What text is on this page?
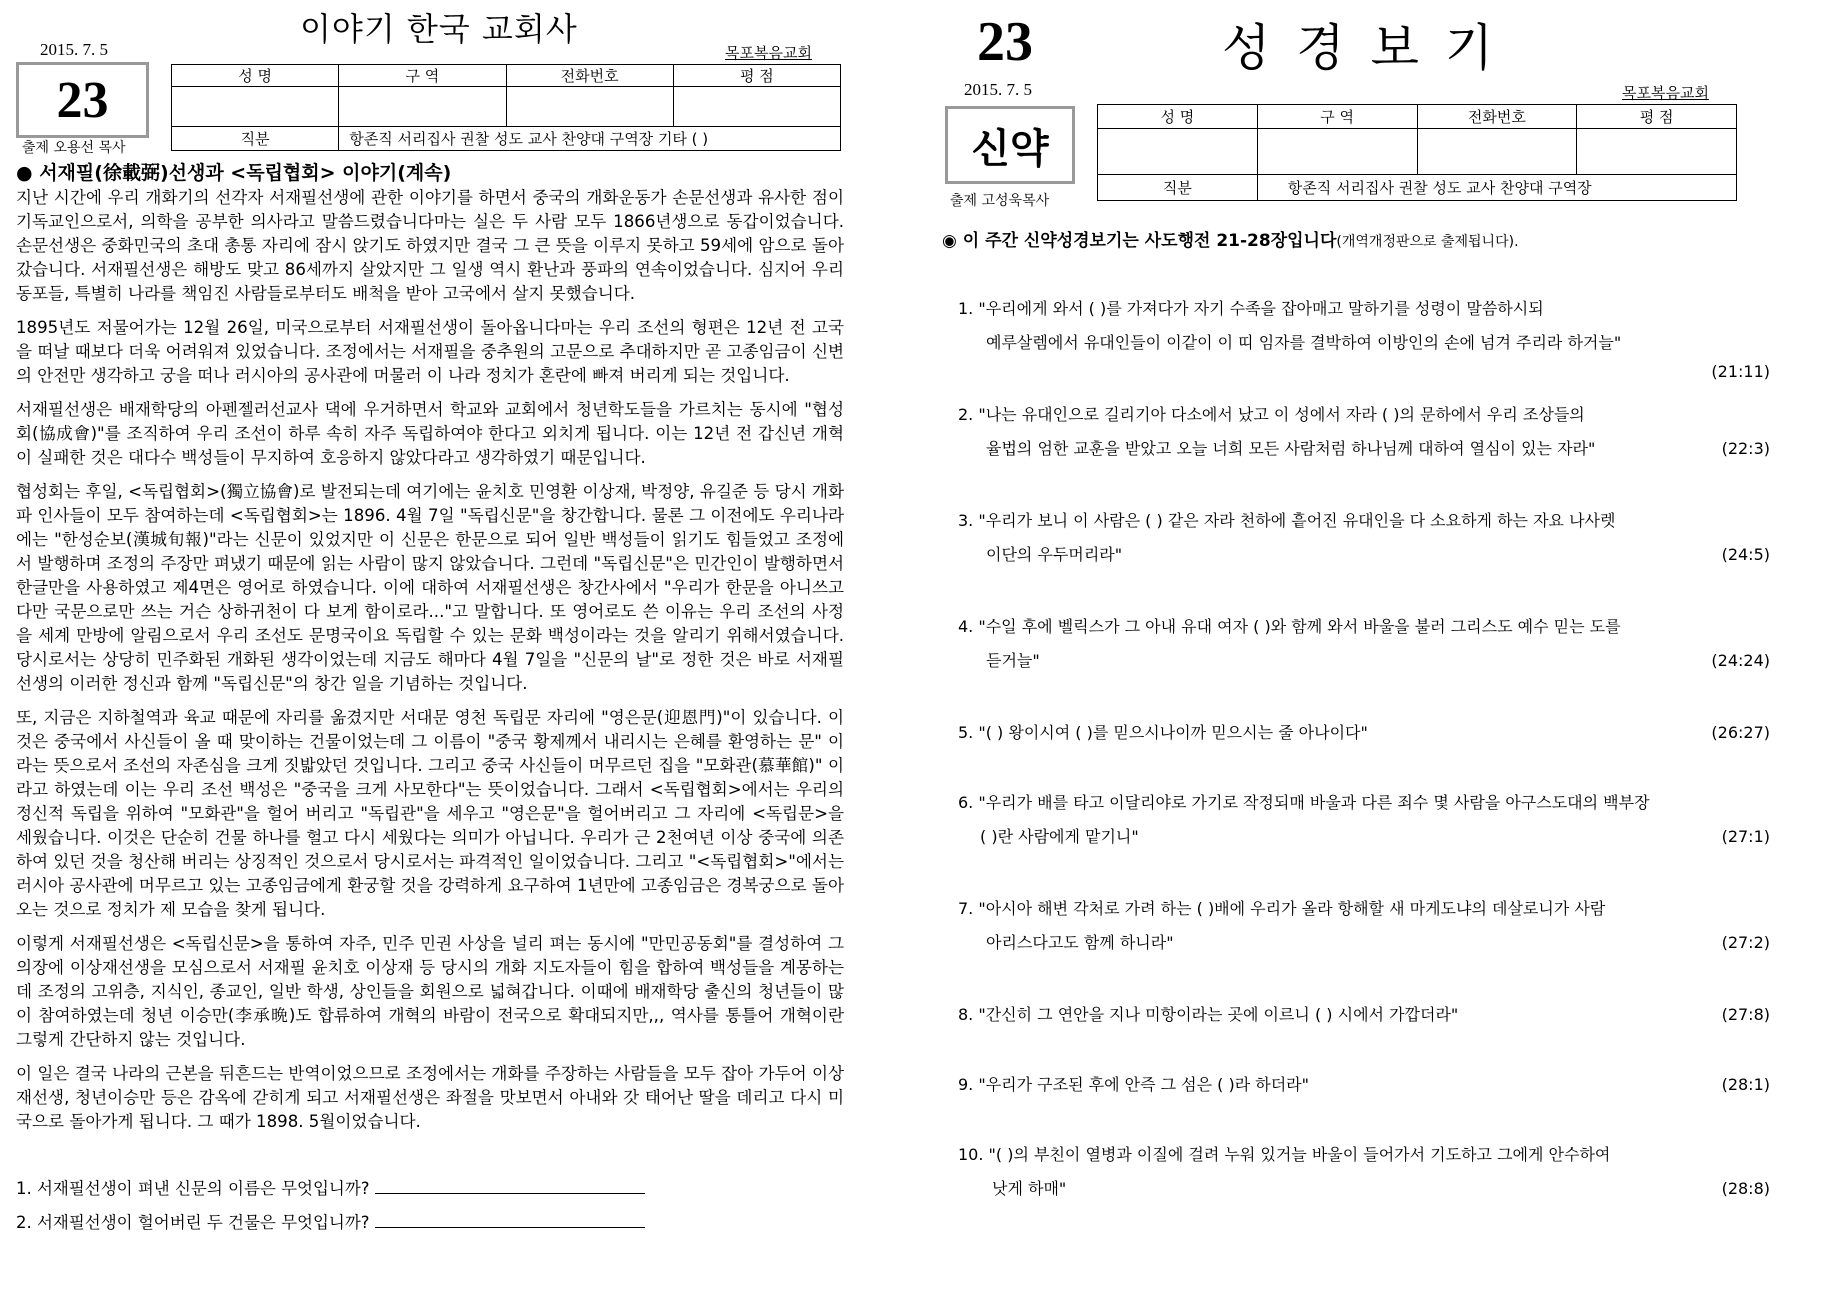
이야기 한국 교회사
2015. 7. 5	목포복음교회
23
출제 오용선 목사
성 명	구 역	전화번호	평 점

직분	항존직 서리집사 권찰 성도 교사 찬양대 구역장 기타 ( )		
● 서재필(徐載弼)선생과 <독립협회> 이야기(계속)

지난 시간에 우리 개화기의 선각자 서재필선생에 관한 이야기를 하면서 중국의 개화운동가 손문선생과 유사한 점이 기독교인으로서, 의학을 공부한 의사라고 말씀드렸습니다마는 실은 두 사람 모두 1866년생으로 동갑이었습니다. 손문선생은 중화민국의 초대 총통 자리에 잠시 앉기도 하였지만 결국 그 큰 뜻을 이루지 못하고 59세에 암으로 돌아갔습니다. 서재필선생은 해방도 맞고 86세까지 살았지만 그 일생 역시 환난과 풍파의 연속이었습니다. 심지어 우리 동포들, 특별히 나라를 책임진 사람들로부터도 배척을 받아 고국에서 살지 못했습니다.

1895년도 저물어가는 12월 26일, 미국으로부터 서재필선생이 돌아옵니다마는 우리 조선의 형편은 12년 전 고국을 떠날 때보다 더욱 어려워져 있었습니다. 조정에서는 서재필을 중추원의 고문으로 추대하지만 곧 고종임금이 신변의 안전만 생각하고 궁을 떠나 러시아의 공사관에 머물러 이 나라 정치가 혼란에 빠져 버리게 되는 것입니다.

서재필선생은 배재학당의 아펜젤러선교사 댁에 우거하면서 학교와 교회에서 청년학도들을 가르치는 동시에 "협성회(協成會)"를 조직하여 우리 조선이 하루 속히 자주 독립하여야 한다고 외치게 됩니다. 이는 12년 전 갑신년 개혁이 실패한 것은 대다수 백성들이 무지하여 호응하지 않았다라고 생각하였기 때문입니다.

협성회는 후일, <독립협회>(獨立協會)로 발전되는데 여기에는 윤치호 민영환 이상재, 박정양, 유길준 등 당시 개화파 인사들이 모두 참여하는데 <독립협회>는 1896. 4월 7일 "독립신문"을 창간합니다. 물론 그 이전에도 우리나라에는 "한성순보(漢城旬報)"라는 신문이 있었지만 이 신문은 한문으로 되어 일반 백성들이 읽기도 힘들었고 조정에서 발행하며 조정의 주장만 펴냈기 때문에 읽는 사람이 많지 않았습니다. 그런데 "독립신문"은 민간인이 발행하면서 한글만을 사용하였고 제4면은 영어로 하였습니다. 이에 대하여 서재필선생은 창간사에서 "우리가 한문을 아니쓰고 다만 국문으로만 쓰는 거슨 상하귀천이 다 보게 함이로라..."고 말합니다. 또 영어로도 쓴 이유는 우리 조선의 사정을 세계 만방에 알림으로서 우리 조선도 문명국이요 독립할 수 있는 문화 백성이라는 것을 알리기 위해서였습니다. 당시로서는 상당히 민주화된 개화된 생각이었는데 지금도 해마다 4월 7일을 "신문의 날"로 정한 것은 바로 서재필 선생의 이러한 정신과 함께 "독립신문"의 창간 일을 기념하는 것입니다.

또, 지금은 지하철역과 육교 때문에 자리를 옮겼지만 서대문 영천 독립문 자리에 "영은문(迎恩門)"이 있습니다. 이것은 중국에서 사신들이 올 때 맞이하는 건물이었는데 그 이름이 "중국 황제께서 내리시는 은혜를 환영하는 문" 이라는 뜻으로서 조선의 자존심을 크게 짓밟았던 것입니다. 그리고 중국 사신들이 머무르던 집을 "모화관(慕華館)" 이라고 하였는데 이는 우리 조선 백성은 "중국을 크게 사모한다"는 뜻이었습니다. 그래서 <독립협회>에서는 우리의 정신적 독립을 위하여 "모화관"을 헐어 버리고 "독립관"을 세우고 "영은문"을 헐어버리고 그 자리에 <독립문>을 세웠습니다. 이것은 단순히 건물 하나를 헐고 다시 세웠다는 의미가 아닙니다. 우리가 근 2천여년 이상 중국에 의존하여 있던 것을 청산해 버리는 상징적인 것으로서 당시로서는 파격적인 일이었습니다. 그리고 "<독립협회>"에서는 러시아 공사관에 머무르고 있는 고종임금에게 환궁할 것을 강력하게 요구하여 1년만에 고종임금은 경복궁으로 돌아오는 것으로 정치가 제 모습을 찾게 됩니다.

이렇게 서재필선생은 <독립신문>을 통하여 자주, 민주 민권 사상을 널리 펴는 동시에 "만민공동회"를 결성하여 그 의장에 이상재선생을 모심으로서 서재필 윤치호 이상재 등 당시의 개화 지도자들이 힘을 합하여 백성들을 계몽하는데 조정의 고위층, 지식인, 종교인, 일반 학생, 상인들을 회원으로 넓혀갑니다. 이때에 배재학당 출신의 청년들이 많이 참여하였는데 청년 이승만(李承晩)도 합류하여 개혁의 바람이 전국으로 확대되지만,,, 역사를 통틀어 개혁이란 그렇게 간단하지 않는 것입니다.

이 일은 결국 나라의 근본을 뒤흔드는 반역이었으므로 조정에서는 개화를 주장하는 사람들을 모두 잡아 가두어 이상재선생, 청년이승만 등은 감옥에 갇히게 되고 서재필선생은 좌절을 맛보면서 아내와 갓 태어난 딸을 데리고 다시 미국으로 돌아가게 됩니다. 그 때가 1898. 5월이었습니다.

1. 서재필선생이 펴낸 신문의 이름은 무엇입니까?
2. 서재필선생이 헐어버린 두 건물은 무엇입니까?
23	성경보기
2015. 7. 5	목포복음교회
신약
출제 고성욱목사
성 명	구 역	전화번호	평 점

직분	항존직 서리집사 권찰 성도 교사 찬양대 구역장		
◉ 이 주간 신약성경보기는 사도행전 21-28장입니다(개역개정판으로 출제됩니다).
1. "우리에게 와서 ( )를 가져다가 자기 수족을 잡아매고 말하기를 성령이 말씀하시되
예루살렘에서 유대인들이 이같이 이 띠 임자를 결박하여 이방인의 손에 넘겨 주리라 하거늘"
(21:11)
2. "나는 유대인으로 길리기아 다소에서 났고 이 성에서 자라 ( )의 문하에서 우리 조상들의
율법의 엄한 교훈을 받았고 오늘 너희 모든 사람처럼 하나님께 대하여 열심이 있는 자라"	(22:3)
3. "우리가 보니 이 사람은 ( ) 같은 자라 천하에 흩어진 유대인을 다 소요하게 하는 자요 나사렛
이단의 우두머리라"	(24:5)
4. "수일 후에 벨릭스가 그 아내 유대 여자 ( )와 함께 와서 바울을 불러 그리스도 예수 믿는 도를
듣거늘"	(24:24)
5. "( ) 왕이시여 ( )를 믿으시나이까 믿으시는 줄 아나이다"	(26:27)
6. "우리가 배를 타고 이달리야로 가기로 작정되매 바울과 다른 죄수 몇 사람을 아구스도대의 백부장
( )란 사람에게 맡기니"	(27:1)
7. "아시아 해변 각처로 가려 하는 ( )배에 우리가 올라 항해할 새 마게도냐의 데살로니가 사람
아리스다고도 함께 하니라"	(27:2)
8. "간신히 그 연안을 지나 미항이라는 곳에 이르니 ( ) 시에서 가깝더라"	(27:8)
9. "우리가 구조된 후에 안즉 그 섬은 ( )라 하더라"	(28:1)
10. "( )의 부친이 열병과 이질에 걸려 누워 있거늘 바울이 들어가서 기도하고 그에게 안수하여
낫게 하매"	(28:8)
